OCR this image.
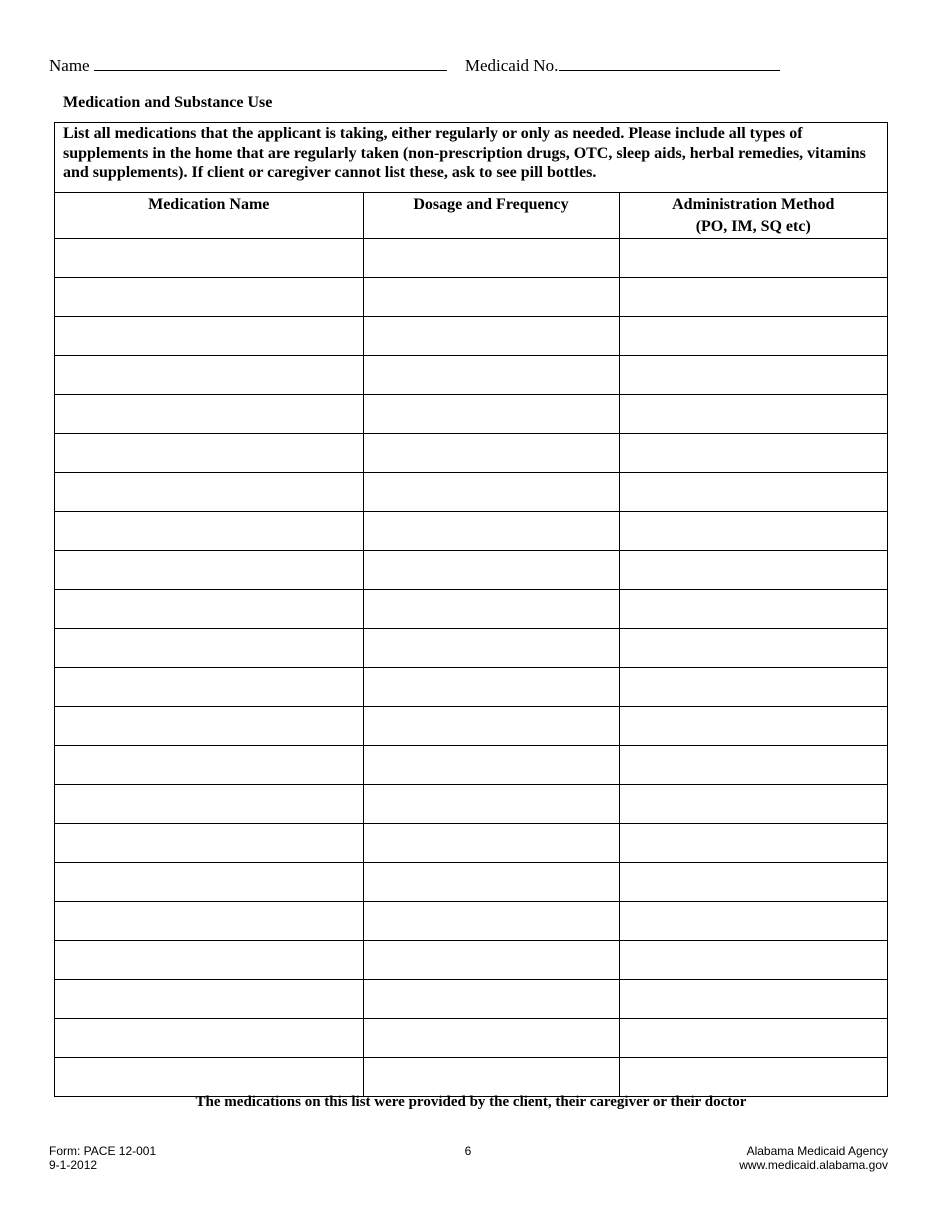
Name	Medicaid No.
Medication and Substance Use
List all medications that the applicant is taking, either regularly or only as needed. Please include all types of supplements in the home that are regularly taken (non-prescription drugs, OTC, sleep aids, herbal remedies, vitamins and supplements). If client or caregiver cannot list these, ask to see pill bottles.
Medication Name	Dosage and Frequency	Administration Method
(PO, IM, SQ etc)

The medications on this list were provided by the client, their caregiver or their doctor
Form: PACE 12-001
9-1-2012
6	Alabama Medicaid Agency
www.medicaid.alabama.gov
